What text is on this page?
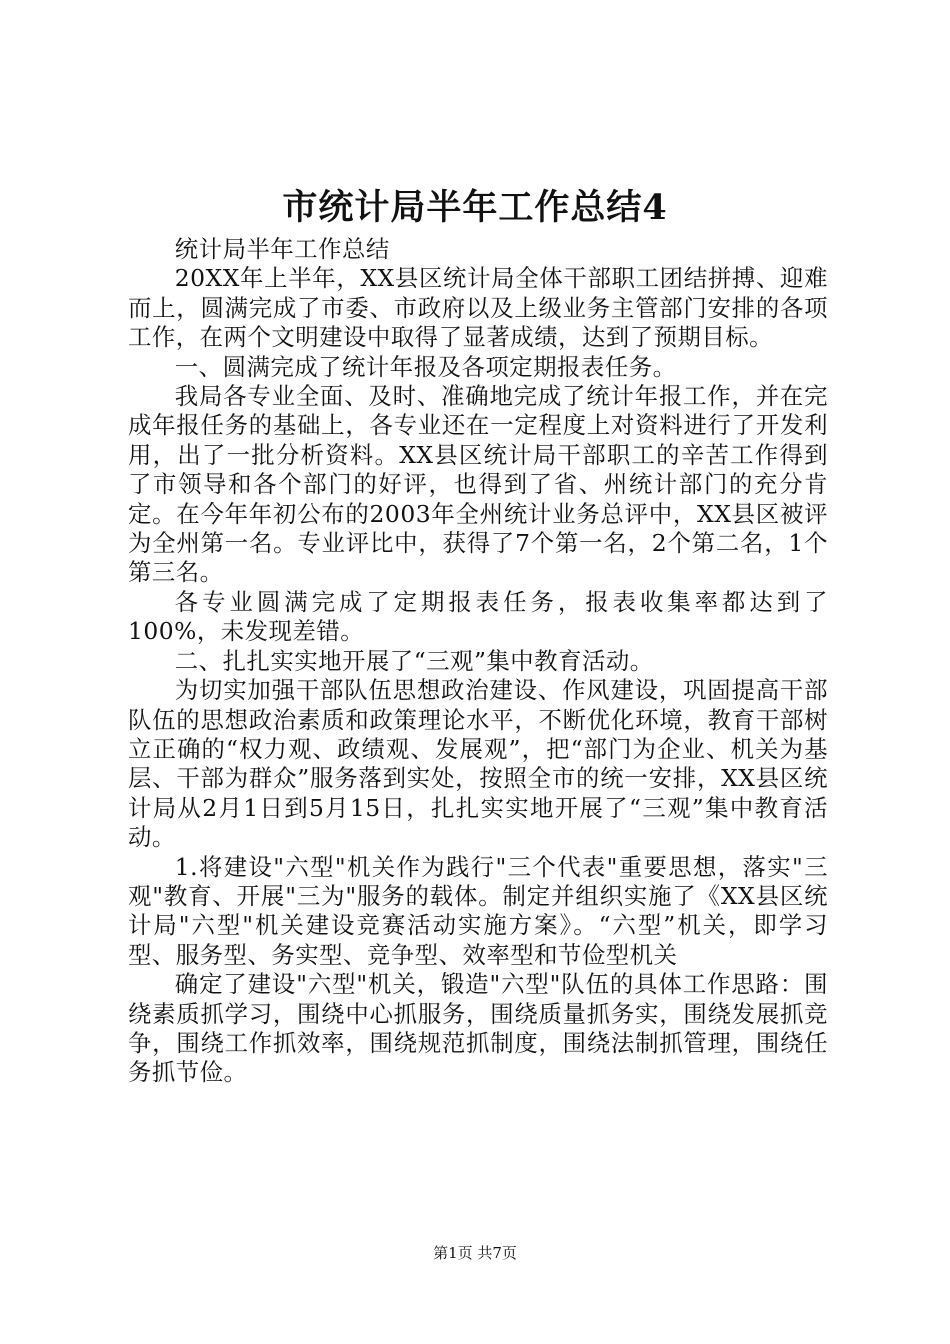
市统计局半年工作总结4

统计局半年工作总结

20XX年上半年，XX县区统计局全体干部职工团结拼搏、迎难而上，圆满完成了市委、市政府以及上级业务主管部门安排的各项工作，在两个文明建设中取得了显著成绩，达到了预期目标。

一、圆满完成了统计年报及各项定期报表任务。

我局各专业全面、及时、准确地完成了统计年报工作，并在完成年报任务的基础上，各专业还在一定程度上对资料进行了开发利用，出了一批分析资料。XX县区统计局干部职工的辛苦工作得到了市领导和各个部门的好评，也得到了省、州统计部门的充分肯定。在今年年初公布的2003年全州统计业务总评中，XX县区被评为全州第一名。专业评比中，获得了7个第一名，2个第二名，1个第三名。

各专业圆满完成了定期报表任务，报表收集率都达到了100%，未发现差错。

二、扎扎实实地开展了“三观”集中教育活动。

为切实加强干部队伍思想政治建设、作风建设，巩固提高干部队伍的思想政治素质和政策理论水平，不断优化环境，教育干部树立正确的“权力观、政绩观、发展观”，把“部门为企业、机关为基层、干部为群众”服务落到实处，按照全市的统一安排，XX县区统计局从2月1日到5月15日，扎扎实实地开展了“三观”集中教育活动。

1.将建设"六型"机关作为践行"三个代表"重要思想，落实"三观"教育、开展"三为"服务的载体。制定并组织实施了《XX县区统计局"六型"机关建设竞赛活动实施方案》。“六型”机关，即学习型、服务型、务实型、竞争型、效率型和节俭型机关

确定了建设"六型"机关，锻造"六型"队伍的具体工作思路：围绕素质抓学习，围绕中心抓服务，围绕质量抓务实，围绕发展抓竞争，围绕工作抓效率，围绕规范抓制度，围绕法制抓管理，围绕任务抓节俭。

第1页 共7页
